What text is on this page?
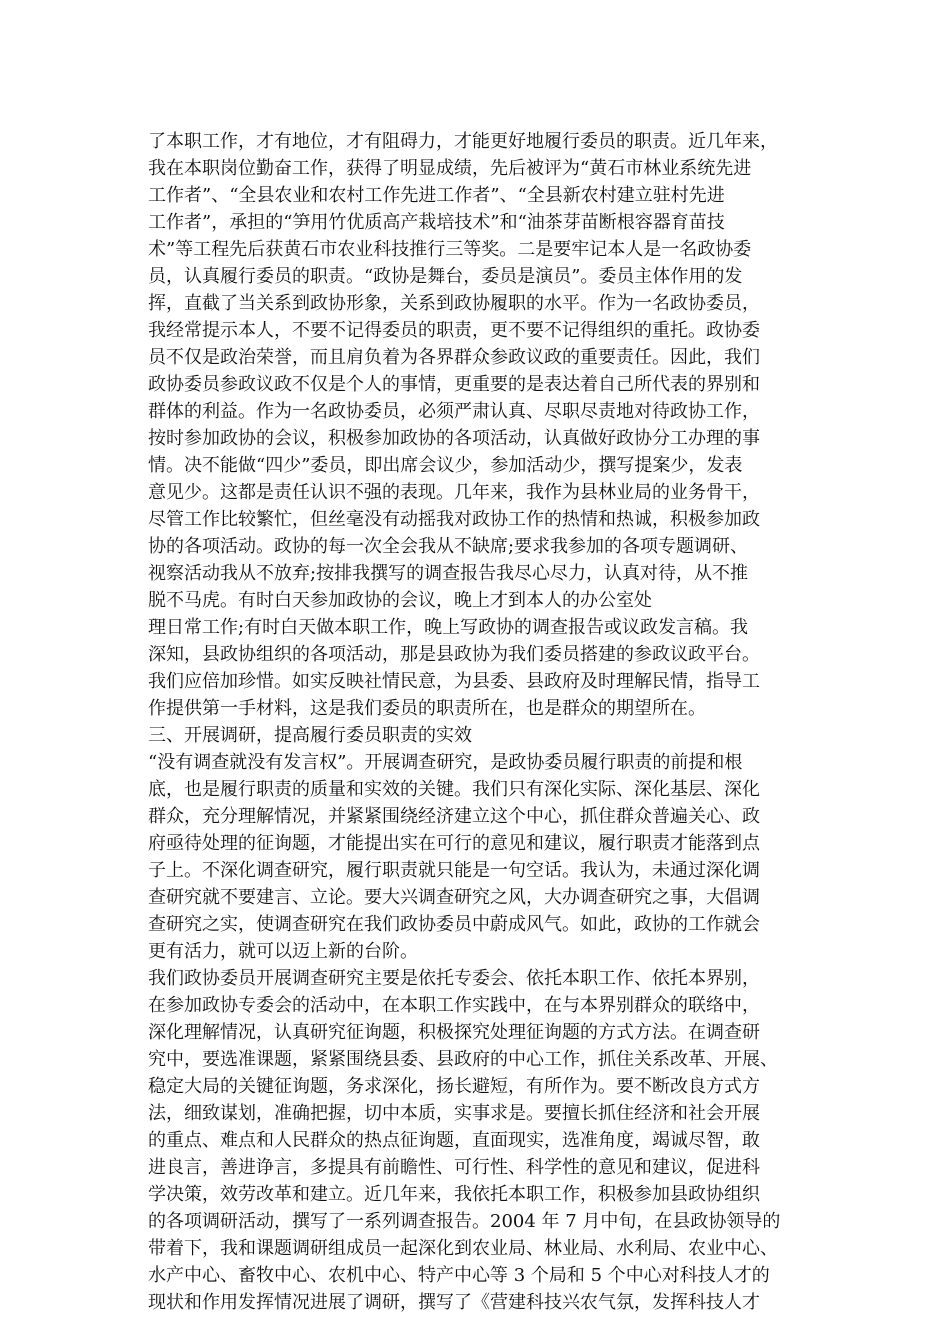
了本职工作，才有地位，才有阻碍力，才能更好地履行委员的职责。近几年来，
我在本职岗位勤奋工作，获得了明显成绩，先后被评为“黄石市林业系统先进
工作者”、“全县农业和农村工作先进工作者”、“全县新农村建立驻村先进
工作者”，承担的“笋用竹优质高产栽培技术”和“油茶芽苗断根容器育苗技
术”等工程先后获黄石市农业科技推行三等奖。二是要牢记本人是一名政协委
员，认真履行委员的职责。“政协是舞台，委员是演员”。委员主体作用的发
挥，直截了当关系到政协形象，关系到政协履职的水平。作为一名政协委员，
我经常提示本人，不要不记得委员的职责，更不要不记得组织的重托。政协委
员不仅是政治荣誉，而且肩负着为各界群众参政议政的重要责任。因此，我们
政协委员参政议政不仅是个人的事情，更重要的是表达着自己所代表的界别和
群体的利益。作为一名政协委员，必须严肃认真、尽职尽责地对待政协工作，
按时参加政协的会议，积极参加政协的各项活动，认真做好政协分工办理的事
情。决不能做“四少”委员，即出席会议少，参加活动少，撰写提案少，发表
意见少。这都是责任认识不强的表现。几年来，我作为县林业局的业务骨干，
尽管工作比较繁忙，但丝毫没有动摇我对政协工作的热情和热诚，积极参加政
协的各项活动。政协的每一次全会我从不缺席;要求我参加的各项专题调研、
视察活动我从不放弃;按排我撰写的调查报告我尽心尽力，认真对待，从不推
脱不马虎。有时白天参加政协的会议，晚上才到本人的办公室处
理日常工作;有时白天做本职工作，晚上写政协的调查报告或议政发言稿。我
深知，县政协组织的各项活动，那是县政协为我们委员搭建的参政议政平台。
我们应倍加珍惜。如实反映社情民意，为县委、县政府及时理解民情，指导工
作提供第一手材料，这是我们委员的职责所在，也是群众的期望所在。
三、开展调研，提高履行委员职责的实效
“没有调查就没有发言权”。开展调查研究，是政协委员履行职责的前提和根
底，也是履行职责的质量和实效的关键。我们只有深化实际、深化基层、深化
群众，充分理解情况，并紧紧围绕经济建立这个中心，抓住群众普遍关心、政
府亟待处理的征询题，才能提出实在可行的意见和建议，履行职责才能落到点
子上。不深化调查研究，履行职责就只能是一句空话。我认为，未通过深化调
查研究就不要建言、立论。要大兴调查研究之风，大办调查研究之事，大倡调
查研究之实，使调查研究在我们政协委员中蔚成风气。如此，政协的工作就会
更有活力，就可以迈上新的台阶。
我们政协委员开展调查研究主要是依托专委会、依托本职工作、依托本界别，
在参加政协专委会的活动中，在本职工作实践中，在与本界别群众的联络中，
深化理解情况，认真研究征询题，积极探究处理征询题的方式方法。在调查研
究中，要选准课题，紧紧围绕县委、县政府的中心工作，抓住关系改革、开展、
稳定大局的关键征询题，务求深化，扬长避短，有所作为。要不断改良方式方
法，细致谋划，准确把握，切中本质，实事求是。要擅长抓住经济和社会开展
的重点、难点和人民群众的热点征询题，直面现实，选准角度，竭诚尽智，敢
进良言，善进诤言，多提具有前瞻性、可行性、科学性的意见和建议，促进科
学决策，效劳改革和建立。近几年来，我依托本职工作，积极参加县政协组织
的各项调研活动，撰写了一系列调查报告。2004 年 7 月中旬，在县政协领导的
带着下，我和课题调研组成员一起深化到农业局、林业局、水利局、农业中心、
水产中心、畜牧中心、农机中心、特产中心等 3 个局和 5 个中心对科技人才的
现状和作用发挥情况进展了调研，撰写了《营建科技兴农气氛，发挥科技人才
